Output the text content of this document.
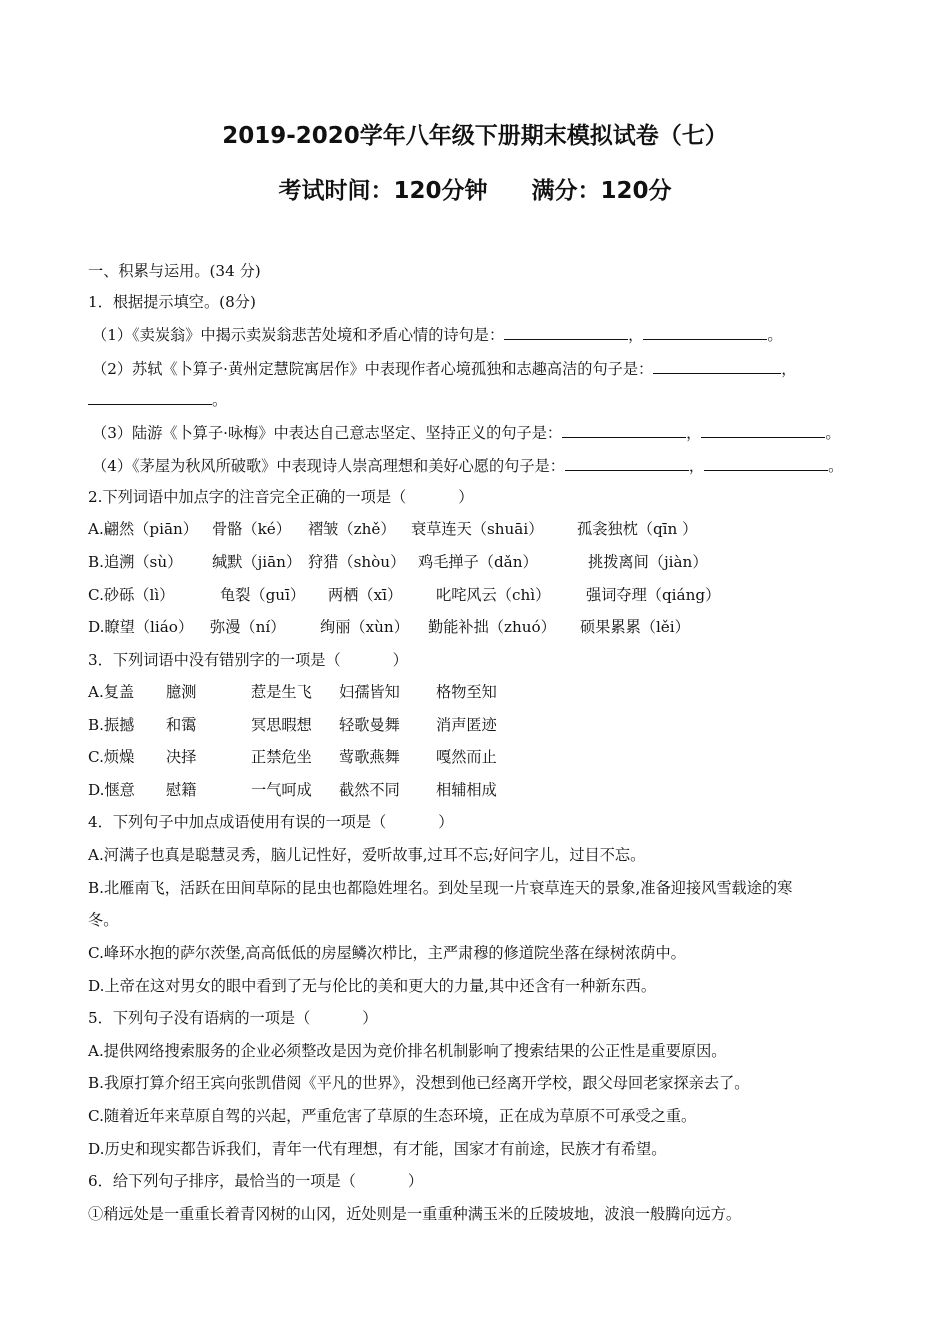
2019-2020学年八年级下册期末模拟试卷（七）
考试时间：120分钟 满分：120分
一、积累与运用。(34 分)
1．根据提示填空。(8分)
（1）《卖炭翁》中揭示卖炭翁悲苦处境和矛盾心情的诗句是：	，	。
（2）苏轼《卜算子·黄州定慧院寓居作》中表现作者心境孤独和志趣高洁的句子是：	，
。
（3）陆游《卜算子·咏梅》中表达自己意志坚定、坚持正义的句子是：	，	。
（4）《茅屋为秋风所破歌》中表现诗人崇高理想和美好心愿的句子是：	，	。
2.下列词语中加点字的注音完全正确的一项是（	）
A.翩然（piān） 骨骼（ké） 褶皱（zhě） 衰草连天（shuāi） 孤衾独枕（qīn ）
B.追溯（sù） 缄默（jiān） 狩猎（shòu） 鸡毛掸子（dǎn）	挑拨离间（jiàn）
C.砂砾（lì）	龟裂（guī） 两栖（xī） 叱咤风云（chì） 强词夺理（qiáng）
D.瞭望（liáo） 弥漫（ní） 绚丽（xùn） 勤能补拙（zhuó） 硕果累累（lěi）
3．下列词语中没有错别字的一项是（	）
A.复盖 臆测	惹是生飞 妇孺皆知 格物至知
B.振撼 和霭	冥思暇想 轻歌曼舞 消声匿迹
C.烦燥 决择	正禁危坐 莺歌燕舞 嘎然而止
D.惬意 慰籍	一气呵成 截然不同 相辅相成
4．下列句子中加点成语使用有误的一项是（	）
A.河满子也真是聪慧灵秀，脑儿记性好，爱听故事,过耳不忘;好问字儿，过目不忘。
B.北雁南飞，活跃在田间草际的昆虫也都隐姓埋名。到处呈现一片衰草连天的景象,准备迎接风雪载途的寒
冬。
C.峰环水抱的萨尔茨堡,高高低低的房屋鳞次栉比，主严肃穆的修道院坐落在绿树浓荫中。
D.上帝在这对男女的眼中看到了无与伦比的美和更大的力量,其中还含有一种新东西。
5．下列句子没有语病的一项是（	）
A.提供网络搜索服务的企业必须整改是因为竞价排名机制影响了搜索结果的公正性是重要原因。
B.我原打算介绍王宾向张凯借阅《平凡的世界》，没想到他已经离开学校，跟父母回老家探亲去了。
C.随着近年来草原自驾的兴起，严重危害了草原的生态环境，正在成为草原不可承受之重。
D.历史和现实都告诉我们，青年一代有理想，有才能，国家才有前途，民族才有希望。
6．给下列句子排序，最恰当的一项是（	）
①稍远处是一重重长着青冈树的山冈，近处则是一重重种满玉米的丘陵坡地，波浪一般腾向远方。
